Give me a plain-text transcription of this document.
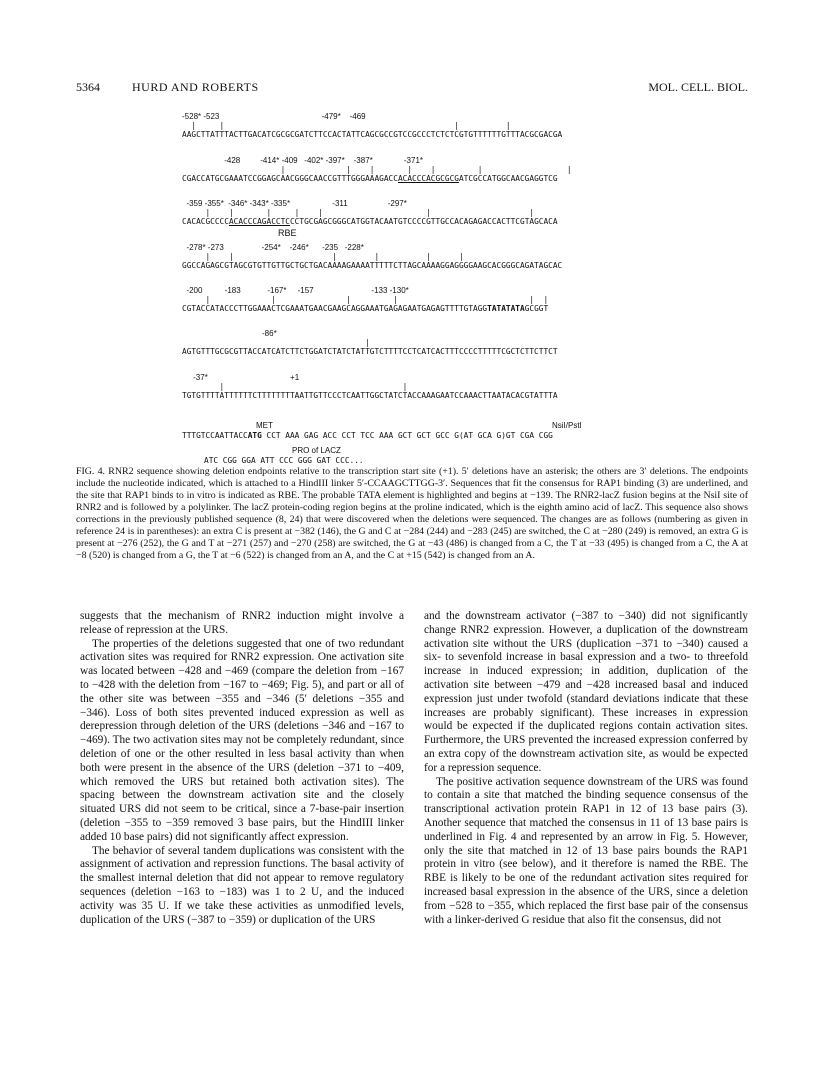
5364	HURD AND ROBERTS	MOL. CELL. BIOL.
-528* -523                                              -479*    -469
|     |                                                 |          |
AAGCTTATTTACTTGACATCGCGCGATCTTCCACTATTCAGCGCCGTCCGCCCTCTCTCGTGTTTTTTGTTTACGCGACGA
-428         -414* -409   -402* -397*    -387*              -371*
|             |    |       |    |         |                  |
CGACCATGCGAAATCCGGAGCAACGGGCAACCGTTTGGGAAAGACCACACCCACGCGCGATCGCCATGGCAACGAGGTCG
-359 -355*  -346* -343* -335*                   -311                  -297*
|    |       |     |    |                      |                     |
CACACGCCCCACACCCAGACCTCCCTGCGAGCGGGCATGGTACAATGTCCCCGTTGCCACAGAGACCACTTCGTAGCACA
RBE
-278* -273                 -254*    -246*      -235   -228*
|    |                     |        |          |      |
GGCCAGAGCGTAGCGTGTTGTTGCTGCTGACAAAAGAAAATTTTTCTTAGCAAAAGGAGGGGAAGCACGGGCAGATAGCAC
-200          -183            -167*     -157                          -133 -130*
|             |               |         |                            |  |
CGTACCATACCCTTGGAAACTCGAAATGAACGAAGCAGGAAATGAGAGAATGAGAGTTTTGTAGGTATATATAGCGGT
-86*
|
AGTGTTTGCGCGTTACCATCATCTTCTGGATCTATCTATTGTCTTTTCCTCATCACTTTCCCCTTTTTCGCTCTTCTTCT
-37*                                     +1
|                                      |
TGTGTTTTATTTTTTCTTTTTTTTAATTGTTCCCTCAATTGGCTATCTACCAAAGAATCCAAACTTAATACACGTATTTA
MET	NsiI/PstI
TTTGTCCAATTACCATG CCT AAA GAG ACC CCT TCC AAA GCT GCT GCC G(AT GCA G)GT CGA CGG
PRO of LACZ
ATC CGG GGA ATT CCC GGG GAT CCC...
FIG. 4. RNR2 sequence showing deletion endpoints relative to the transcription start site (+1). 5′ deletions have an asterisk; the others are 3′ deletions. The endpoints include the nucleotide indicated, which is attached to a HindIII linker 5′-CCAAGCTTGG-3′. Sequences that fit the consensus for RAP1 binding (3) are underlined, and the site that RAP1 binds to in vitro is indicated as RBE. The probable TATA element is highlighted and begins at −139. The RNR2-lacZ fusion begins at the NsiI site of RNR2 and is followed by a polylinker. The lacZ protein-coding region begins at the proline indicated, which is the eighth amino acid of lacZ. This sequence also shows corrections in the previously published sequence (8, 24) that were discovered when the deletions were sequenced. The changes are as follows (numbering as given in reference 24 is in parentheses): an extra C is present at −382 (146), the G and C at −284 (244) and −283 (245) are switched, the C at −280 (249) is removed, an extra G is present at −276 (252), the G and T at −271 (257) and −270 (258) are switched, the G at −43 (486) is changed from a C, the T at −33 (495) is changed from a C, the A at −8 (520) is changed from a G, the T at −6 (522) is changed from an A, and the C at +15 (542) is changed from an A.

suggests that the mechanism of RNR2 induction might involve a release of repression at the URS.

The properties of the deletions suggested that one of two redundant activation sites was required for RNR2 expression. One activation site was located between −428 and −469 (compare the deletion from −167 to −428 with the deletion from −167 to −469; Fig. 5), and part or all of the other site was between −355 and −346 (5′ deletions −355 and −346). Loss of both sites prevented induced expression as well as derepression through deletion of the URS (deletions −346 and −167 to −469). The two activation sites may not be completely redundant, since deletion of one or the other resulted in less basal activity than when both were present in the absence of the URS (deletion −371 to −409, which removed the URS but retained both activation sites). The spacing between the downstream activation site and the closely situated URS did not seem to be critical, since a 7-base-pair insertion (deletion −355 to −359 removed 3 base pairs, but the HindIII linker added 10 base pairs) did not significantly affect expression.

The behavior of several tandem duplications was consistent with the assignment of activation and repression functions. The basal activity of the smallest internal deletion that did not appear to remove regulatory sequences (deletion −163 to −183) was 1 to 2 U, and the induced activity was 35 U. If we take these activities as unmodified levels, duplication of the URS (−387 to −359) or duplication of the URS

and the downstream activator (−387 to −340) did not significantly change RNR2 expression. However, a duplication of the downstream activation site without the URS (duplication −371 to −340) caused a six- to sevenfold increase in basal expression and a two- to threefold increase in induced expression; in addition, duplication of the activation site between −479 and −428 increased basal and induced expression just under twofold (standard deviations indicate that these increases are probably significant). These increases in expression would be expected if the duplicated regions contain activation sites. Furthermore, the URS prevented the increased expression conferred by an extra copy of the downstream activation site, as would be expected for a repression sequence.

The positive activation sequence downstream of the URS was found to contain a site that matched the binding sequence consensus of the transcriptional activation protein RAP1 in 12 of 13 base pairs (3). Another sequence that matched the consensus in 11 of 13 base pairs is underlined in Fig. 4 and represented by an arrow in Fig. 5. However, only the site that matched in 12 of 13 base pairs bounds the RAP1 protein in vitro (see below), and it therefore is named the RBE. The RBE is likely to be one of the redundant activation sites required for increased basal expression in the absence of the URS, since a deletion from −528 to −355, which replaced the first base pair of the consensus with a linker-derived G residue that also fit the consensus, did not
